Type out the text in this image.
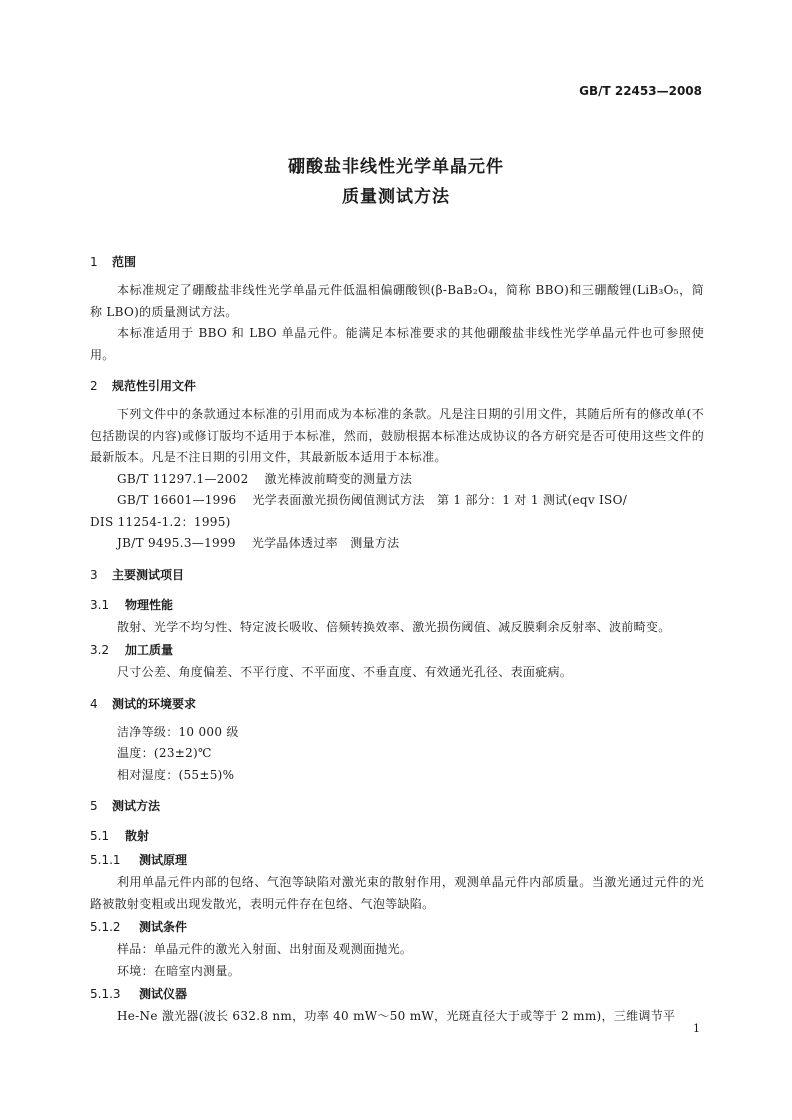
GB/T 22453—2008
硼酸盐非线性光学单晶元件
质量测试方法
1 范围
本标准规定了硼酸盐非线性光学单晶元件低温相偏硼酸钡(β-BaB₂O₄，简称 BBO)和三硼酸锂(LiB₃O₅，简称 LBO)的质量测试方法。
本标准适用于 BBO 和 LBO 单晶元件。能满足本标准要求的其他硼酸盐非线性光学单晶元件也可参照使用。
2 规范性引用文件
下列文件中的条款通过本标准的引用而成为本标准的条款。凡是注日期的引用文件，其随后所有的修改单(不包括勘误的内容)或修订版均不适用于本标准，然而，鼓励根据本标准达成协议的各方研究是否可使用这些文件的最新版本。凡是不注日期的引用文件，其最新版本适用于本标准。
GB/T 11297.1—2002 激光棒波前畸变的测量方法
GB/T 16601—1996 光学表面激光损伤阈值测试方法　第 1 部分：1 对 1 测试(eqv ISO/
DIS 11254-1.2：1995)
JB/T 9495.3—1999 光学晶体透过率　测量方法
3 主要测试项目
3.1 物理性能
散射、光学不均匀性、特定波长吸收、倍频转换效率、激光损伤阈值、减反膜剩余反射率、波前畸变。
3.2 加工质量
尺寸公差、角度偏差、不平行度、不平面度、不垂直度、有效通光孔径、表面疵病。
4 测试的环境要求
洁净等级：10 000 级
温度：(23±2)℃
相对湿度：(55±5)%
5 测试方法
5.1 散射
5.1.1 测试原理
利用单晶元件内部的包络、气泡等缺陷对激光束的散射作用，观测单晶元件内部质量。当激光通过元件的光路被散射变粗或出现发散光，表明元件存在包络、气泡等缺陷。
5.1.2 测试条件
样品：单晶元件的激光入射面、出射面及观测面抛光。
环境：在暗室内测量。
5.1.3 测试仪器
He-Ne 激光器(波长 632.8 nm，功率 40 mW～50 mW，光斑直径大于或等于 2 mm)，三维调节平
1
